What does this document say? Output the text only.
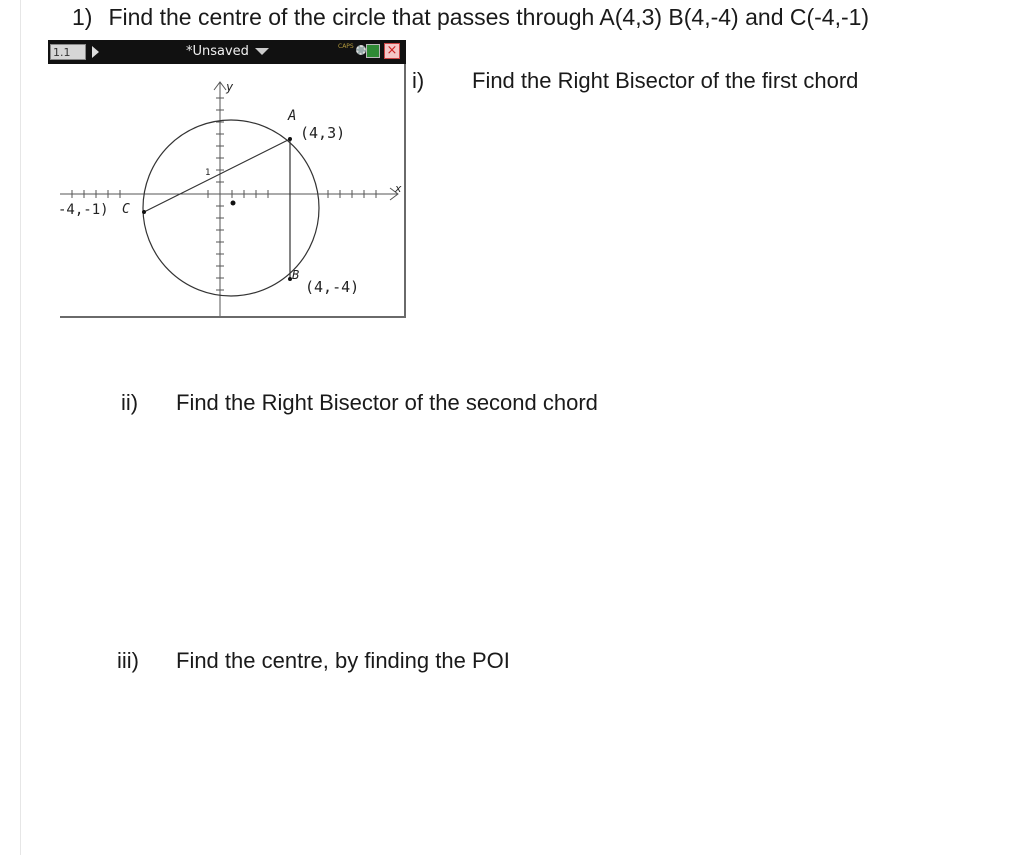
1) Find the centre of the circle that passes through A(4,3) B(4,-4) and C(-4,-1)
1.1	*Unsaved	CAPS	×
y
x
1
A
(4,3)
B
(4,-4)
-4,-1) C
i) Find the Right Bisector of the first chord
ii) Find the Right Bisector of the second chord
iii) Find the centre, by finding the POI
